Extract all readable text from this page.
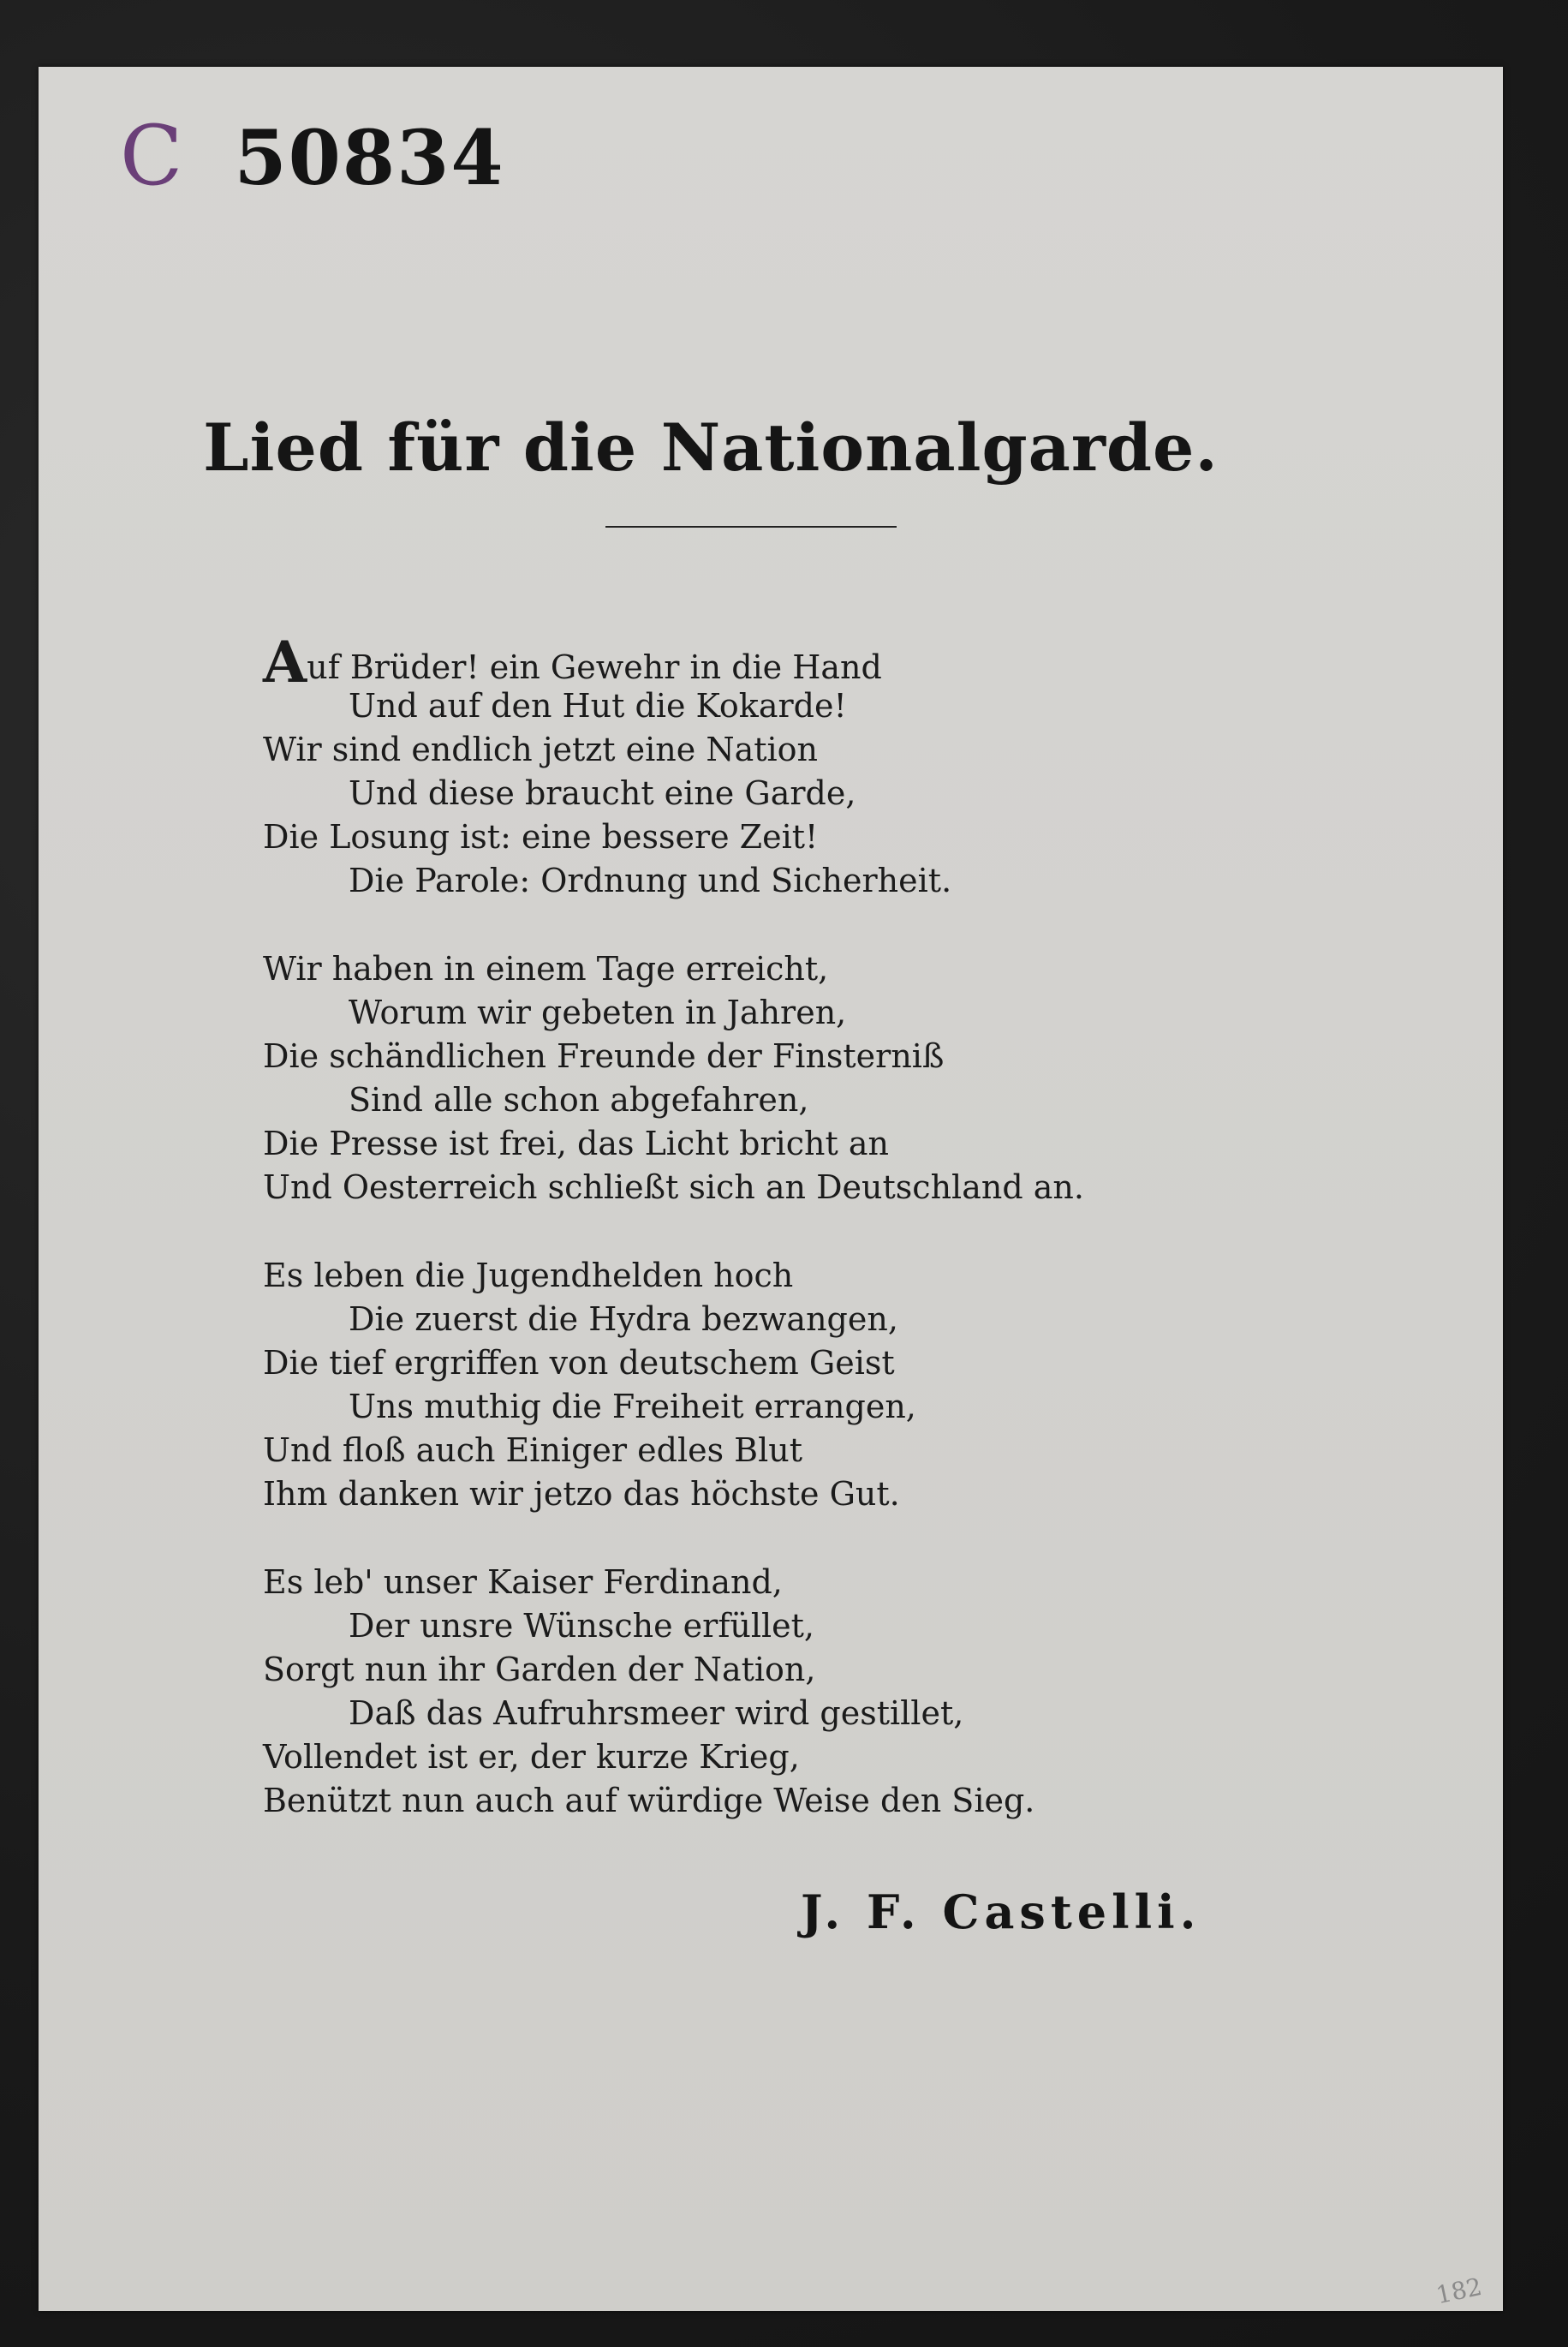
C 50834
Lied für die Nationalgarde.
Auf Brüder! ein Gewehr in die Hand
Und auf den Hut die Kokarde!
Wir sind endlich jetzt eine Nation
Und diese braucht eine Garde,
Die Losung ist: eine bessere Zeit!
Die Parole: Ordnung und Sicherheit.
Wir haben in einem Tage erreicht,
Worum wir gebeten in Jahren,
Die schändlichen Freunde der Finsterniß
Sind alle schon abgefahren,
Die Presse ist frei, das Licht bricht an
Und Oesterreich schließt sich an Deutschland an.
Es leben die Jugendhelden hoch
Die zuerst die Hydra bezwangen,
Die tief ergriffen von deutschem Geist
Uns muthig die Freiheit errangen,
Und floß auch Einiger edles Blut
Ihm danken wir jetzo das höchste Gut.
Es leb' unser Kaiser Ferdinand,
Der unsre Wünsche erfüllet,
Sorgt nun ihr Garden der Nation,
Daß das Aufruhrsmeer wird gestillet,
Vollendet ist er, der kurze Krieg,
Benützt nun auch auf würdige Weise den Sieg.
J. F. Castelli.
182
